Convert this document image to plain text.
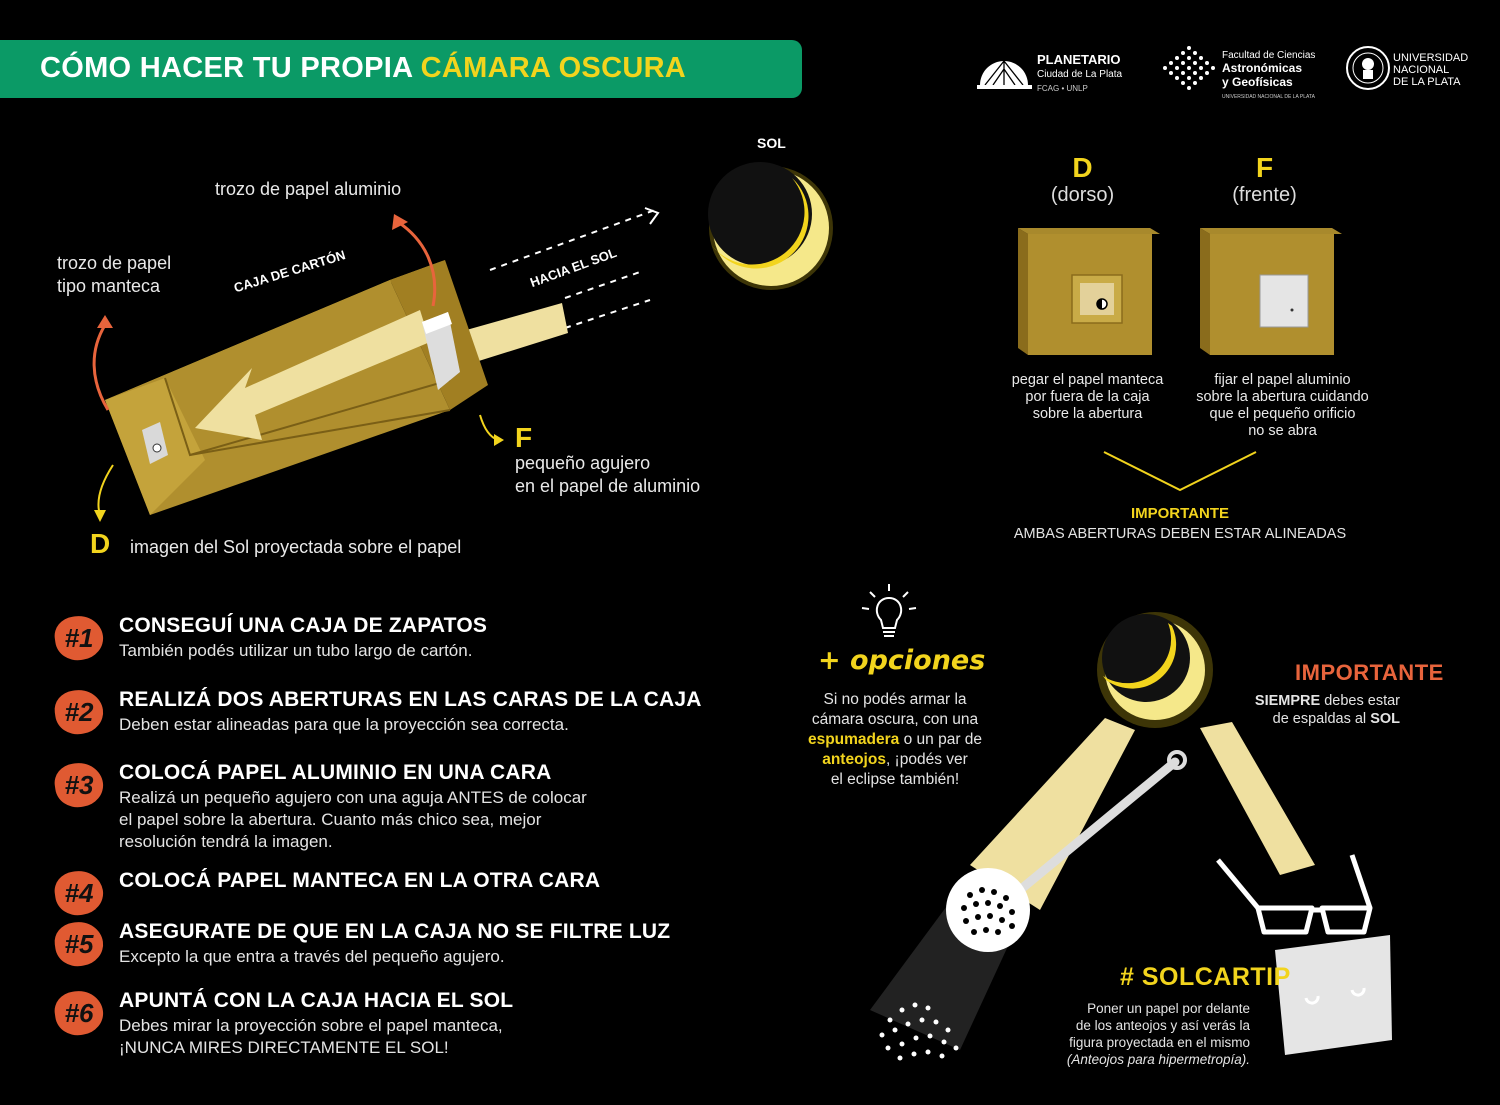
CÓMO HACER TU PROPIA CÁMARA OSCURA	PLANETARIO
Ciudad de La Plata
FCAG • UNLP
Facultad de Ciencias
Astronómicas
y Geofísicas
UNIVERSIDAD NACIONAL DE LA PLATA
UNIVERSIDAD
NACIONAL
DE LA PLATA
SOL
trozo de papel aluminio
trozo de papel
tipo manteca	CAJA DE CARTÓN	HACIA EL SOL
F
pequeño agujero
en el papel de aluminio
D imagen del Sol proyectada sobre el papel
D
(dorso)
F
(frente)
pegar el papel manteca
por fuera de la caja
sobre la abertura
fijar el papel aluminio
sobre la abertura cuidando
que el pequeño orificio
no se abra
IMPORTANTE
AMBAS ABERTURAS DEBEN ESTAR ALINEADAS
#1	CONSEGUÍ UNA CAJA DE ZAPATOS
También podés utilizar un tubo largo de cartón.
#2	REALIZÁ DOS ABERTURAS EN LAS CARAS DE LA CAJA
Deben estar alineadas para que la proyección sea correcta.
#3	COLOCÁ PAPEL ALUMINIO EN UNA CARA
Realizá un pequeño agujero con una aguja ANTES de colocar
el papel sobre la abertura. Cuanto más chico sea, mejor
resolución tendrá la imagen.
#4	COLOCÁ PAPEL MANTECA EN LA OTRA CARA
#5	ASEGURATE DE QUE EN LA CAJA NO SE FILTRE LUZ
Excepto la que entra a través del pequeño agujero.
#6	APUNTÁ CON LA CAJA HACIA EL SOL
Debes mirar la proyección sobre el papel manteca,
¡NUNCA MIRES DIRECTAMENTE EL SOL!
+ opciones
Si no podés armar la
cámara oscura, con una
espumadera o un par de
anteojos, ¡podés ver
el eclipse también!
IMPORTANTE
SIEMPRE debes estar
de espaldas al SOL
# SOLCARTIP
Poner un papel por delante
de los anteojos y así verás la
figura proyectada en el mismo
(Anteojos para hipermetropía).
